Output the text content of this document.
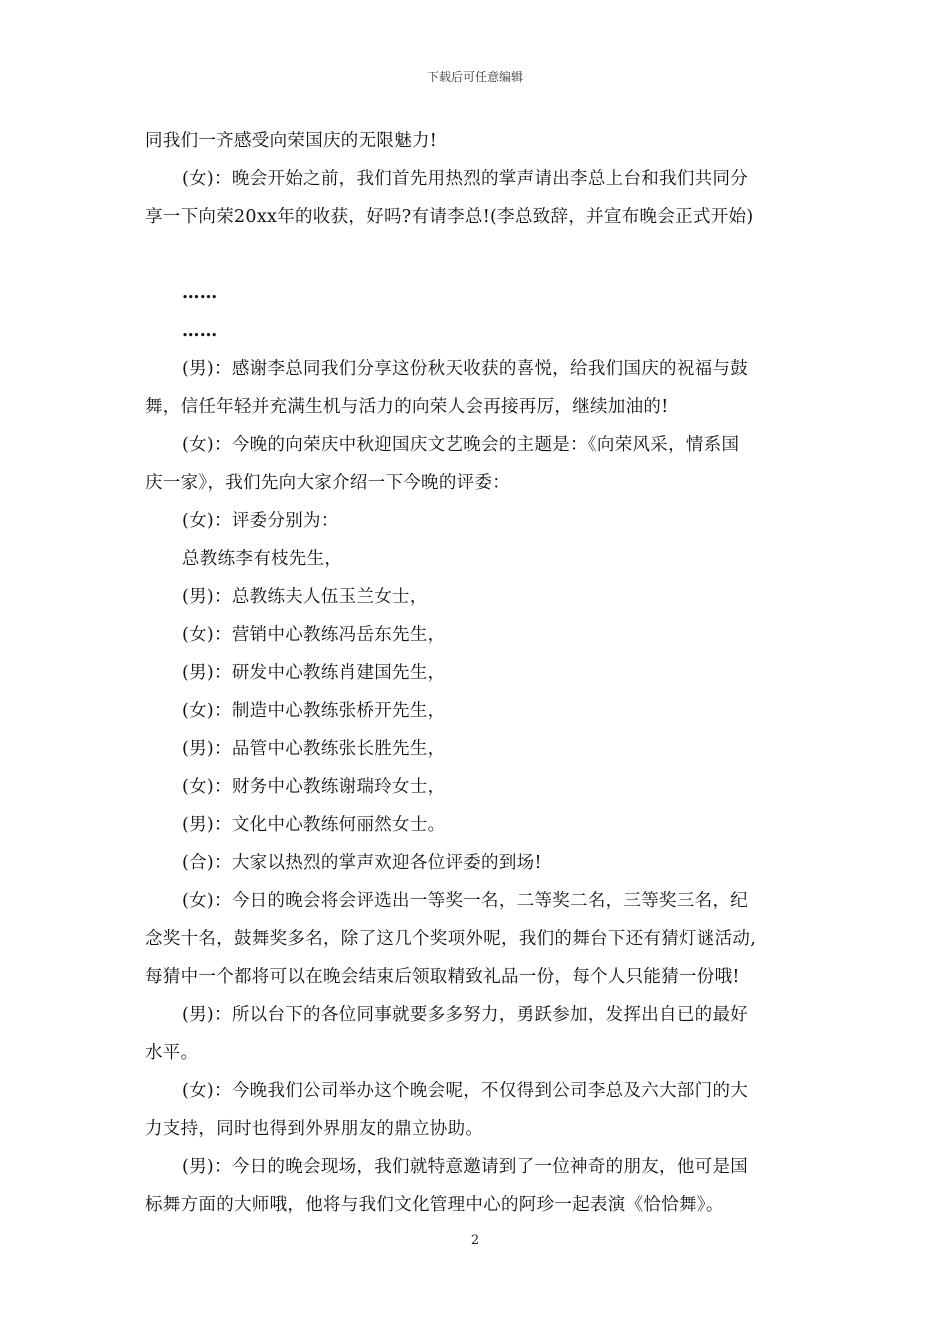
下载后可任意编辑

同我们一齐感受向荣国庆的无限魅力!

(女)：晚会开始之前，我们首先用热烈的掌声请出李总上台和我们共同分

享一下向荣20xx年的收获，好吗?有请李总!(李总致辞，并宣布晚会正式开始)

……

……

(男)：感谢李总同我们分享这份秋天收获的喜悦，给我们国庆的祝福与鼓

舞，信任年轻并充满生机与活力的向荣人会再接再厉，继续加油的!

(女)：今晚的向荣庆中秋迎国庆文艺晚会的主题是：《向荣风采，情系国

庆一家》，我们先向大家介绍一下今晚的评委：

(女)：评委分别为：

总教练李有枝先生，

(男)：总教练夫人伍玉兰女士，

(女)：营销中心教练冯岳东先生，

(男)：研发中心教练肖建国先生，

(女)：制造中心教练张桥开先生，

(男)：品管中心教练张长胜先生，

(女)：财务中心教练谢瑞玲女士，

(男)：文化中心教练何丽然女士。

(合)：大家以热烈的掌声欢迎各位评委的到场!

(女)：今日的晚会将会评选出一等奖一名，二等奖二名，三等奖三名，纪

念奖十名，鼓舞奖多名，除了这几个奖项外呢，我们的舞台下还有猜灯谜活动,

每猜中一个都将可以在晚会结束后领取精致礼品一份，每个人只能猜一份哦!

(男)：所以台下的各位同事就要多多努力，勇跃参加，发挥出自已的最好

水平。

(女)：今晚我们公司举办这个晚会呢，不仅得到公司李总及六大部门的大

力支持，同时也得到外界朋友的鼎立协助。

(男)：今日的晚会现场，我们就特意邀请到了一位神奇的朋友，他可是国

标舞方面的大师哦，他将与我们文化管理中心的阿珍一起表演《恰恰舞》。

2
